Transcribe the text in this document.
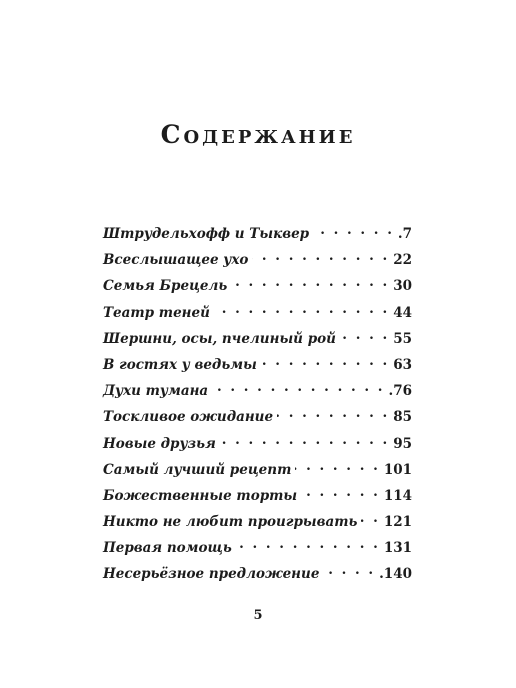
Содержание
Штрудельхофф и Тыквер . . .	.7
Всеслышащее ухо . . .	22
Семья Брецель . . .	30
Театр теней . . .	44
Шершни, осы, пчелиный рой . . .	55
В гостях у ведьмы . . .	63
Духи тумана . . .	.76
Тоскливое ожидание . . .	85
Новые друзья . . .	95
Самый лучший рецепт . . .	101
Божественные торты . . .	114
Никто не любит проигрывать . . . 121
Первая помощь . . .	131
Несерьёзное предложение . . .	.140
5
